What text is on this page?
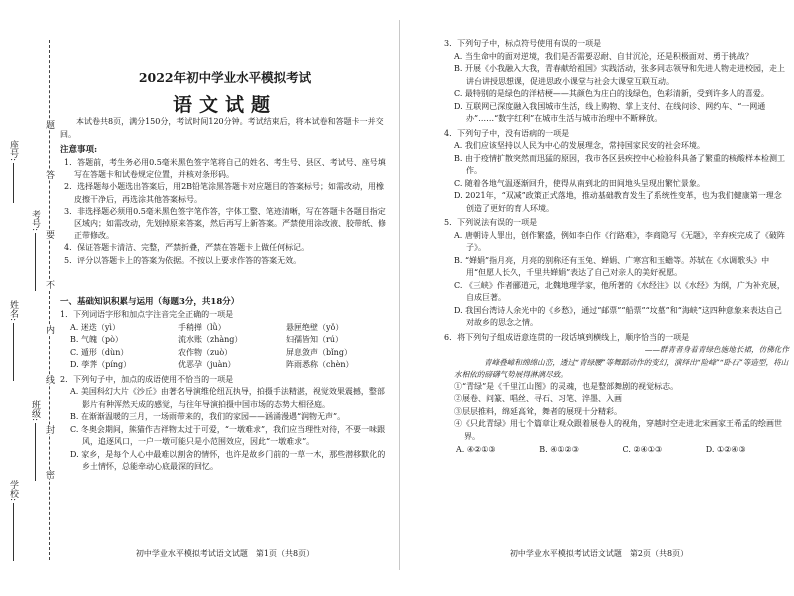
题
答
要
不
内
线
封
密
学校:
班级:
姓名:
考号:
座号:
2022年初中学业水平模拟考试
语文试题

本试卷共8页，满分150分，考试时间120分钟。考试结束后，将本试卷和答题卡一并交回。

注意事项:

1．答题前，考生务必用0.5毫米黑色签字笔将自己的姓名、考生号、县区、考试号、座号填写在答题卡和试卷规定位置，并核对条形码。

2．选择题每小题选出答案后，用2B铅笔涂黑答题卡对应题目的答案标号；如需改动，用橡皮擦干净后，再选涂其他答案标号。

3．非选择题必须用0.5毫米黑色签字笔作答，字体工整、笔迹清晰，写在答题卡各题目指定区域内；如需改动，先划掉原来答案，然后再写上新答案。严禁使用涂改液、胶带纸、修正带修改。

4．保证答题卡清洁、完整，严禁折叠，严禁在答题卡上做任何标记。

5．评分以答题卡上的答案为依据。不按以上要求作答的答案无效。

一、基础知识积累与运用（每题3分，共18分）

1．下列词语字形和加点字注音完全正确的一项是

A. 迷迭（yì）	手稍掸（lǜ）	悬匣绝壁（yǒ）
B. 气魄（pò）	流水账（zhàng）	妇孺皆知（rú）
C. 遁形（dùn）	农作物（zuò）	屏息敛声（bǐng）
D. 荸荠（píng）	优恶孕（juàn）	阵雨悉称（chèn）

2．下列句子中，加点的成语使用不恰当的一项是

A. 美国科幻大片《沙丘》由著名导演维伦纽瓦执导，拍摄手法精湛，视觉效果震撼，整部影片有种浑然天成的感觉，与往年导演拍摄中国市场的态势大相径庭。

B. 在渐渐温暖的三月，一场雨带来的，我们的家园——涵涌漫遇“润物无声”。

C. 冬奥会期间，熊猫作吉祥物太过于可爱，“一墩难求”，我们应当理性对待，不要一味跟风，追逐风口，一户一墩可能只是小范围效应，因此“一墩难求”。

D. 家乡，是每个人心中最难以割舍的情怀，也许是故乡门前的一草一木，那些潜移默化的乡土情怀，总能牵动心底最深的回忆。

初中学业水平模拟考试语文试题　第1页（共8页）

3．下列句子中，标点符号使用有误的一项是

A. 当生命中的面对逆境，我们是否需要忍耐、自甘沉沦，还是积极面对、勇于挑战？

B. 开展《小我融入大我，青春献给祖国》实践活动，张多同志领导和先进人物走进校园，走上讲台讲授思想课，促进思政小课堂与社会大课堂互联互动。

C. 最特别的是绿色的洋桔梗——其颜色为庄白的浅绿色，色彩清新，受到许多人的喜爱。

D. 互联网已深度融入我国城市生活，线上购物、掌上支付、在线问诊、网约车、“一网通办”……“数字红利”在城市生活与城市治理中不断释放。

4．下列句子中，没有语病的一项是

A. 我们应该坚持以人民为中心的发展理念，常持国家民安的社会环境。

B. 由于疫情扩散突然而迅猛的原因，我市各区县疾控中心检验科具备了繁重的核酸样本检测工作。

C. 随着各地气温逐渐回升，使得从南到北的田间地头呈现出繁忙景象。

D. 2021年，“双减”政策正式落地，推动基础教育发生了系统性变革，也为我们健康第一理念创造了更好的育人环境。

5．下列说法有误的一项是

A. 唐朝诗人罪出，创作繁盛，例如李白作《行路难》，李商隐写《无题》，辛弃疾完成了《破阵子》。

B. “婵娟”指月亮，月亮的别称还有玉兔、婵娟、广寒宫和玉蟾等。苏轼在《水调歌头》中用“但愿人长久，千里共婵娟”表达了自己对亲人的美好祝愿。

C. 《三峡》作者郦道元，北魏地理学家，他所著的《水经注》以《水经》为纲，广为补充展，自成巨著。

D. 我国台湾诗人余光中的《乡愁》，通过“邮票”“船票”“坟墓”和“海峡”这四种意象来表达自己对故乡的思念之情。

6．将下列句子组成语意连贯的一段话填到横线上，顺序恰当的一项是

——群青者身着青绿色施地长裙，仿佛化作

青峰叠嶂和绵绵山峦，透过“青绿腰”等舞蹈动作的变幻，演绎出“险峰”“卧石”等造型，将山水相依的磅礴气势展得淋漓尽致。

①“青绿”是《千里江山图》的灵魂，也是整部舞剧的视觉标志。

②展卷、问篆、唱丝、寻石、习笔、淬墨、入画

③层层推料，绵延高耸，舞者的展现十分精彩。

④《只此青绿》用七个篇章让观众跟着展卷人的视角，穿越时空走进北宋画家王希孟的绘画世界。

A. ④②①③	B. ④①②③	C. ②④①③	D. ①②④③
初中学业水平模拟考试语文试题　第2页（共8页）
